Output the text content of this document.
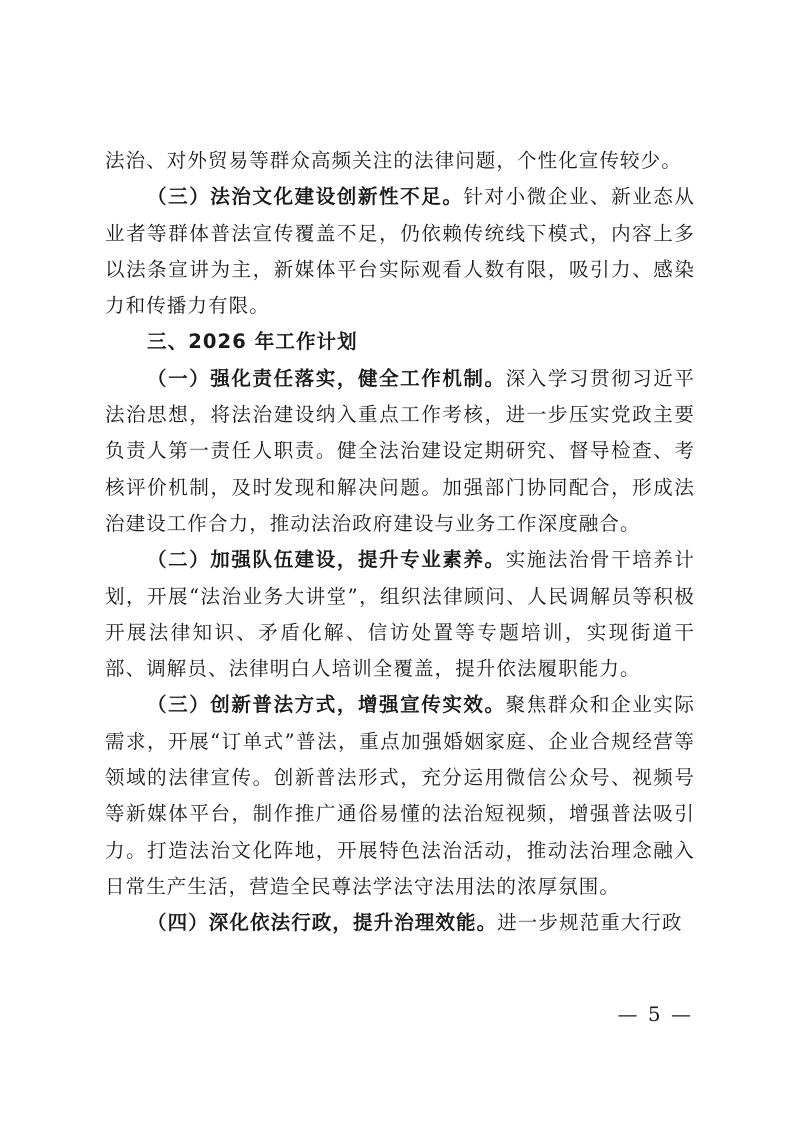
法治、对外贸易等群众高频关注的法律问题，个性化宣传较少。

（三）法治文化建设创新性不足。针对小微企业、新业态从业者等群体普法宣传覆盖不足，仍依赖传统线下模式，内容上多以法条宣讲为主，新媒体平台实际观看人数有限，吸引力、感染力和传播力有限。

三、2026 年工作计划

（一）强化责任落实，健全工作机制。深入学习贯彻习近平法治思想，将法治建设纳入重点工作考核，进一步压实党政主要负责人第一责任人职责。健全法治建设定期研究、督导检查、考核评价机制，及时发现和解决问题。加强部门协同配合，形成法治建设工作合力，推动法治政府建设与业务工作深度融合。

（二）加强队伍建设，提升专业素养。实施法治骨干培养计划，开展“法治业务大讲堂”，组织法律顾问、人民调解员等积极开展法律知识、矛盾化解、信访处置等专题培训，实现街道干部、调解员、法律明白人培训全覆盖，提升依法履职能力。

（三）创新普法方式，增强宣传实效。聚焦群众和企业实际需求，开展“订单式”普法，重点加强婚姻家庭、企业合规经营等领域的法律宣传。创新普法形式，充分运用微信公众号、视频号等新媒体平台，制作推广通俗易懂的法治短视频，增强普法吸引力。打造法治文化阵地，开展特色法治活动，推动法治理念融入日常生产生活，营造全民尊法学法守法用法的浓厚氛围。

（四）深化依法行政，提升治理效能。进一步规范重大行政

— 5 —
